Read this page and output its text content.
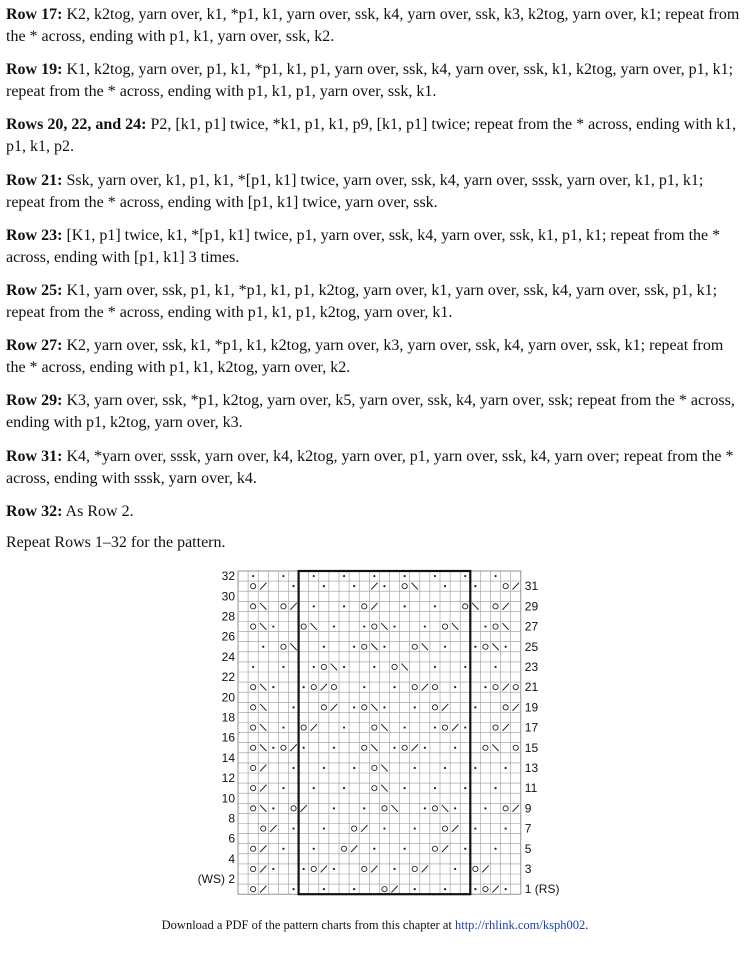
Row 17: K2, k2tog, yarn over, k1, *p1, k1, yarn over, ssk, k4, yarn over, ssk, k3, k2tog, yarn over, k1; repeat from the * across, ending with p1, k1, yarn over, ssk, k2.

Row 19: K1, k2tog, yarn over, p1, k1, *p1, k1, p1, yarn over, ssk, k4, yarn over, ssk, k1, k2tog, yarn over, p1, k1; repeat from the * across, ending with p1, k1, p1, yarn over, ssk, k1.

Rows 20, 22, and 24: P2, [k1, p1] twice, *k1, p1, k1, p9, [k1, p1] twice; repeat from the * across, ending with k1, p1, k1, p2.

Row 21: Ssk, yarn over, k1, p1, k1, *[p1, k1] twice, yarn over, ssk, k4, yarn over, sssk, yarn over, k1, p1, k1; repeat from the * across, ending with [p1, k1] twice, yarn over, ssk.

Row 23: [K1, p1] twice, k1, *[p1, k1] twice, p1, yarn over, ssk, k4, yarn over, ssk, k1, p1, k1; repeat from the * across, ending with [p1, k1] 3 times.

Row 25: K1, yarn over, ssk, p1, k1, *p1, k1, p1, k2tog, yarn over, k1, yarn over, ssk, k4, yarn over, ssk, p1, k1; repeat from the * across, ending with p1, k1, p1, k2tog, yarn over, k1.

Row 27: K2, yarn over, ssk, k1, *p1, k1, k2tog, yarn over, k3, yarn over, ssk, k4, yarn over, ssk, k1; repeat from the * across, ending with p1, k1, k2tog, yarn over, k2.

Row 29: K3, yarn over, ssk, *p1, k2tog, yarn over, k5, yarn over, ssk, k4, yarn over, ssk; repeat from the * across, ending with p1, k2tog, yarn over, k3.

Row 31: K4, *yarn over, sssk, yarn over, k4, k2tog, yarn over, p1, yarn over, ssk, k4, yarn over; repeat from the * across, ending with sssk, yarn over, k4.

Row 32: As Row 2.

Repeat Rows 1–32 for the pattern.

32
30
28
26
24
22
20
18
16
14
12
10
8
6
4
(WS) 2
31
29
27
25
23
21
19
17
15
13
11
9
7
5
3
1 (RS)
Download a PDF of the pattern charts from this chapter at http://rhlink.com/ksph002.
